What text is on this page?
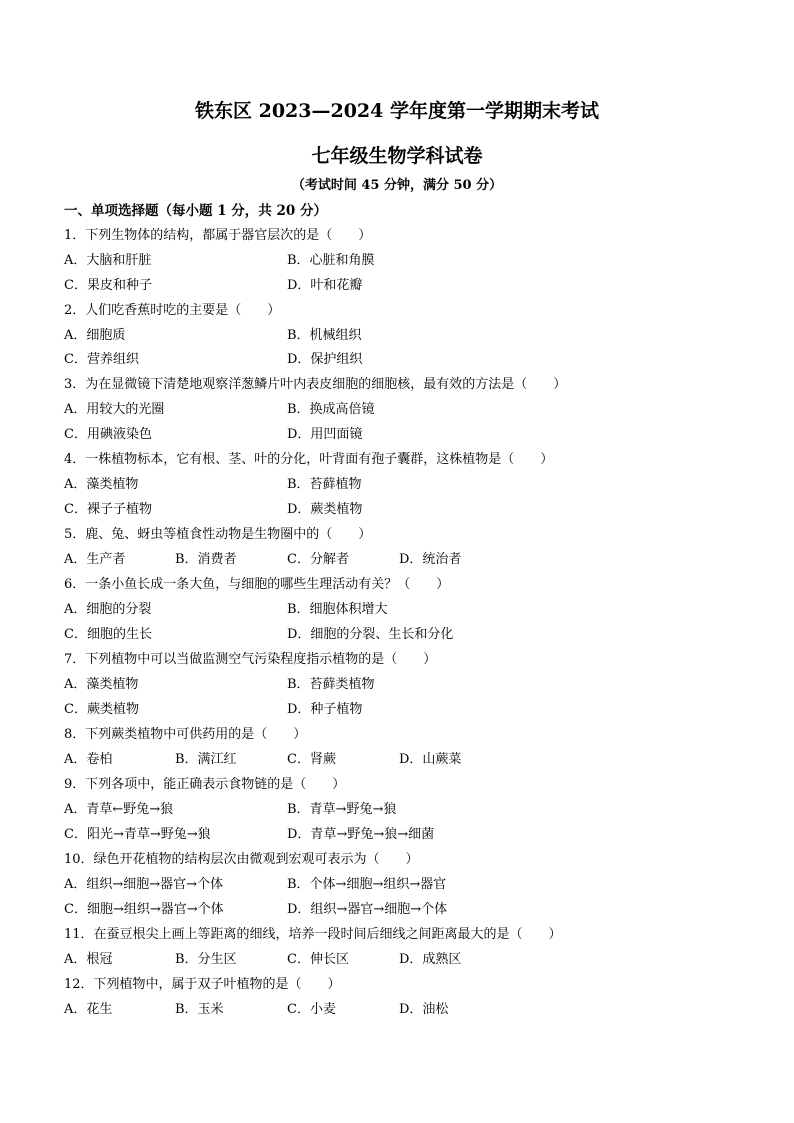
铁东区 2023—2024 学年度第一学期期末考试
七年级生物学科试卷
（考试时间 45 分钟，满分 50 分）
一、单项选择题（每小题 1 分，共 20 分）
1．下列生物体的结构，都属于器官层次的是（　　）
A．大脑和肝脏	B．心脏和角膜
C．果皮和种子	D．叶和花瓣
2．人们吃香蕉时吃的主要是（　　）
A．细胞质	B．机械组织
C．营养组织	D．保护组织
3．为在显微镜下清楚地观察洋葱鳞片叶内表皮细胞的细胞核，最有效的方法是（　　）
A．用较大的光圈	B．换成高倍镜
C．用碘液染色	D．用凹面镜
4．一株植物标本，它有根、茎、叶的分化，叶背面有孢子囊群，这株植物是（　　）
A．藻类植物	B．苔藓植物
C．裸子子植物	D．蕨类植物
5．鹿、兔、蚜虫等植食性动物是生物圈中的（　　）
A．生产者	B．消费者	C．分解者	D．统治者
6．一条小鱼长成一条大鱼，与细胞的哪些生理活动有关？（　　）
A．细胞的分裂	B．细胞体积增大
C．细胞的生长	D．细胞的分裂、生长和分化
7．下列植物中可以当做监测空气污染程度指示植物的是（　　）
A．藻类植物	B．苔藓类植物
C．蕨类植物	D．种子植物
8．下列蕨类植物中可供药用的是（　　）
A．卷柏	B．满江红	C．肾蕨	D．山蕨菜
9．下列各项中，能正确表示食物链的是（　　）
A．青草←野兔→狼	B．青草→野兔→狼
C．阳光→青草→野兔→狼	D．青草→野兔→狼→细菌
10．绿色开花植物的结构层次由微观到宏观可表示为（　　）
A．组织→细胞→器官→个体	B．个体→细胞→组织→器官
C．细胞→组织→器官→个体	D．组织→器官→细胞→个体
11．在蚕豆根尖上画上等距离的细线，培养一段时间后细线之间距离最大的是（　　）
A．根冠	B．分生区	C．伸长区	D．成熟区
12．下列植物中，属于双子叶植物的是（　　）
A．花生	B．玉米	C．小麦	D．油松
